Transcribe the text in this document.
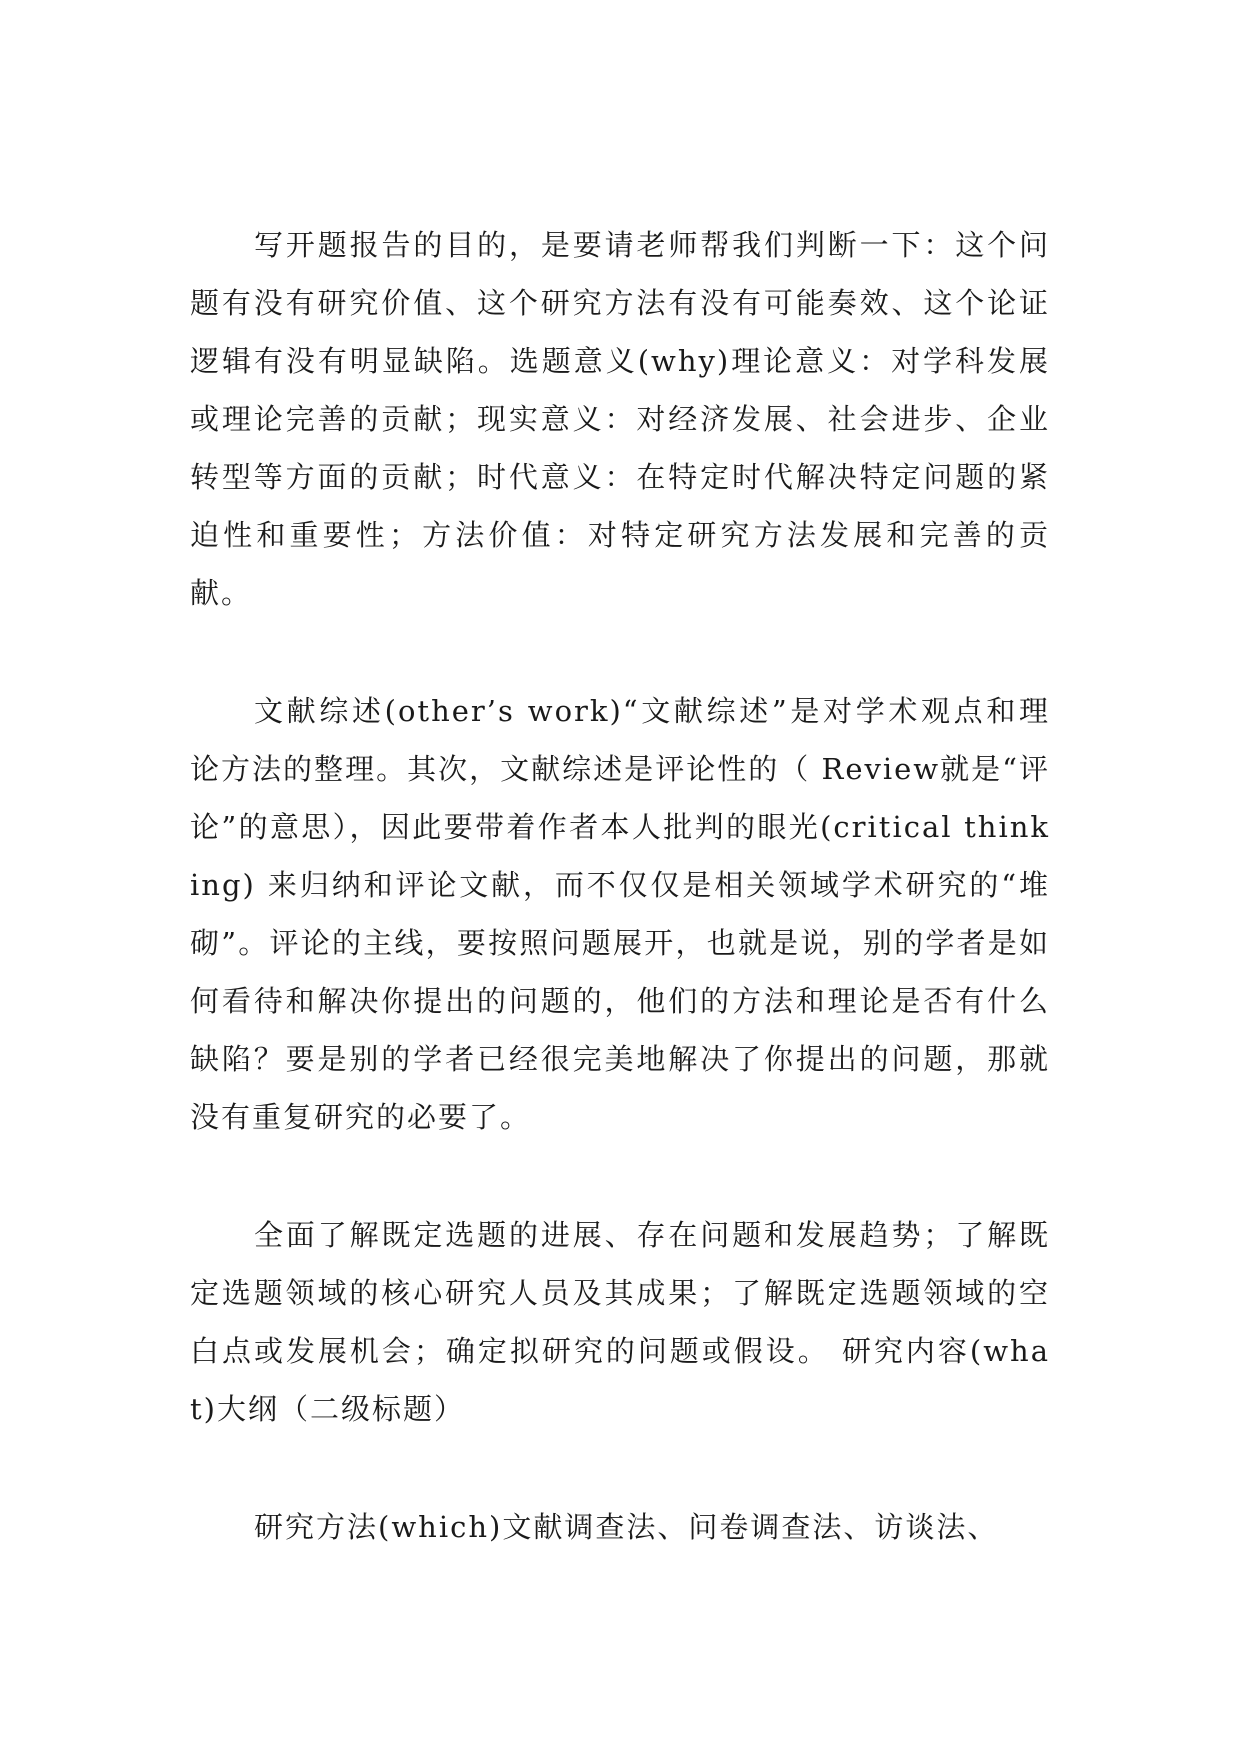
写开题报告的目的，是要请老师帮我们判断一下：这个问题有没有研究价值、这个研究方法有没有可能奏效、这个论证逻辑有没有明显缺陷。选题意义(why)理论意义：对学科发展或理论完善的贡献；现实意义：对经济发展、社会进步、企业转型等方面的贡献；时代意义：在特定时代解决特定问题的紧迫性和重要性；方法价值：对特定研究方法发展和完善的贡献。

文献综述(other’s work)“文献综述”是对学术观点和理论方法的整理。其次，文献综述是评论性的（ Review就是“评论”的意思），因此要带着作者本人批判的眼光(critical thinking) 来归纳和评论文献，而不仅仅是相关领域学术研究的“堆砌”。评论的主线，要按照问题展开，也就是说，别的学者是如何看待和解决你提出的问题的，他们的方法和理论是否有什么缺陷？要是别的学者已经很完美地解决了你提出的问题，那就没有重复研究的必要了。

全面了解既定选题的进展、存在问题和发展趋势；了解既定选题领域的核心研究人员及其成果；了解既定选题领域的空白点或发展机会；确定拟研究的问题或假设。 研究内容(what)大纲（二级标题）

研究方法(which)文献调查法、问卷调查法、访谈法、
